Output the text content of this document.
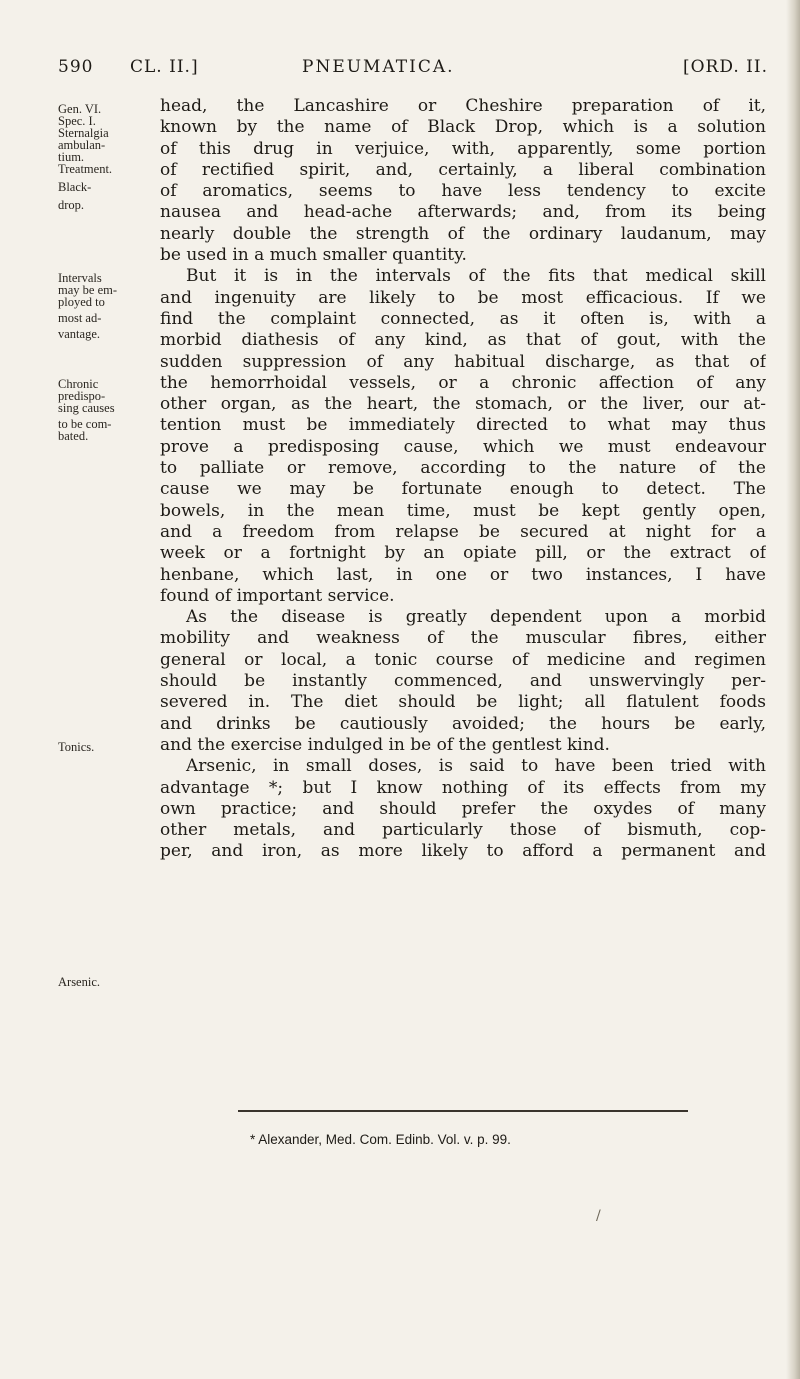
590 CL. II.]	PNEUMATICA.	[ORD. II.
Gen. VI.
Spec. I.
Sternalgia
ambulan-
tium.
Treatment.
Black-
drop.
Intervals
may be em-
ployed to
most ad-
vantage.
Chronic
predispo-
sing causes
to be com-
bated.
Tonics.
Arsenic.
head, the Lancashire or Cheshire preparation of it,
known by the name of Black Drop, which is a solution
of this drug in verjuice, with, apparently, some portion
of rectified spirit, and, certainly, a liberal combination
of aromatics, seems to have less tendency to excite
nausea and head-ache afterwards; and, from its being
nearly double the strength of the ordinary laudanum, may
be used in a much smaller quantity.
But it is in the intervals of the fits that medical skill
and ingenuity are likely to be most efficacious. If we
find the complaint connected, as it often is, with a
morbid diathesis of any kind, as that of gout, with the
sudden suppression of any habitual discharge, as that of
the hemorrhoidal vessels, or a chronic affection of any
other organ, as the heart, the stomach, or the liver, our at-
tention must be immediately directed to what may thus
prove a predisposing cause, which we must endeavour
to palliate or remove, according to the nature of the
cause we may be fortunate enough to detect. The
bowels, in the mean time, must be kept gently open,
and a freedom from relapse be secured at night for a
week or a fortnight by an opiate pill, or the extract of
henbane, which last, in one or two instances, I have
found of important service.
As the disease is greatly dependent upon a morbid
mobility and weakness of the muscular fibres, either
general or local, a tonic course of medicine and regimen
should be instantly commenced, and unswervingly per-
severed in. The diet should be light; all flatulent foods
and drinks be cautiously avoided; the hours be early,
and the exercise indulged in be of the gentlest kind.
Arsenic, in small doses, is said to have been tried with
advantage *; but I know nothing of its effects from my
own practice; and should prefer the oxydes of many
other metals, and particularly those of bismuth, cop-
per, and iron, as more likely to afford a permanent and
* Alexander, Med. Com. Edinb. Vol. v. p. 99.
/
